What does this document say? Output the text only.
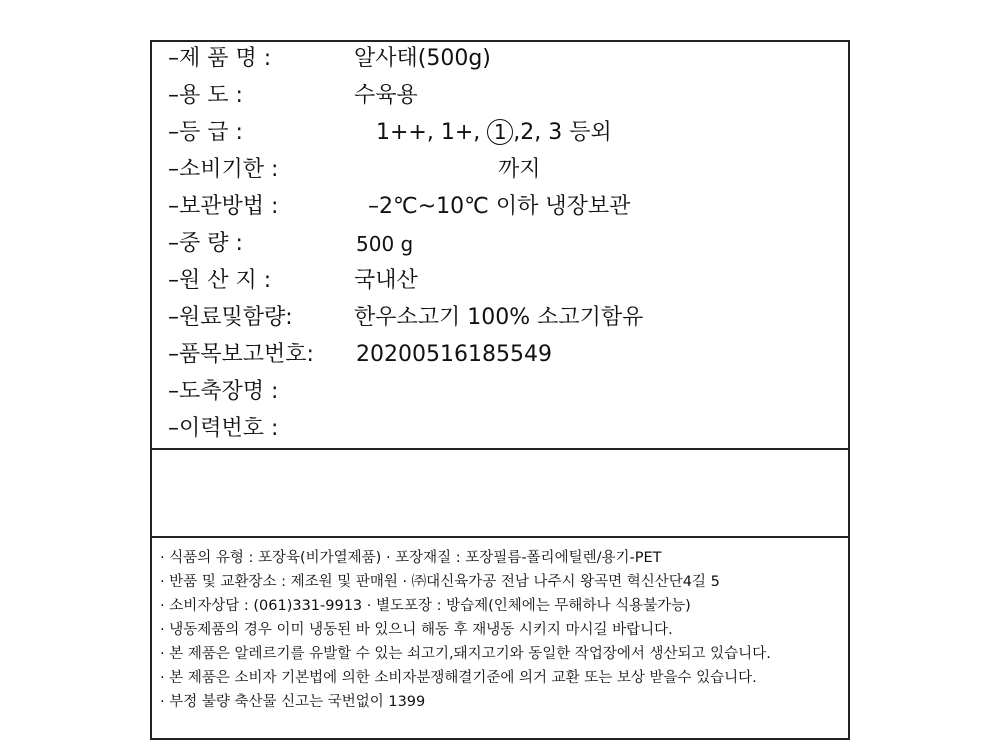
–제 품 명 :	알사태(500g)
–용 도 :	수육용
–등 급 :	1++, 1+, 1 ,2, 3 등외
–소비기한 :	까지
–보관방법 :	–2℃~10℃ 이하 냉장보관
–중 량 :	500 g
–원 산 지 :	국내산
–원료및함량:	한우소고기 100% 소고기함유
–품목보고번호: 20200516185549
–도축장명 :
–이력번호 :
· 식품의 유형 : 포장육(비가열제품) · 포장재질 : 포장필름-폴리에틸렌/용기-PET
· 반품 및 교환장소 : 제조원 및 판매원 · ㈜대신육가공 전남 나주시 왕곡면 혁신산단4길 5
· 소비자상담 : (061)331-9913 · 별도포장 : 방습제(인체에는 무해하나 식용불가능)
· 냉동제품의 경우 이미 냉동된 바 있으니 해동 후 재냉동 시키지 마시길 바랍니다.
· 본 제품은 알레르기를 유발할 수 있는 쇠고기,돼지고기와 동일한 작업장에서 생산되고 있습니다.
· 본 제품은 소비자 기본법에 의한 소비자분쟁해결기준에 의거 교환 또는 보상 받을수 있습니다.
· 부정 불량 축산물 신고는 국번없이 1399
